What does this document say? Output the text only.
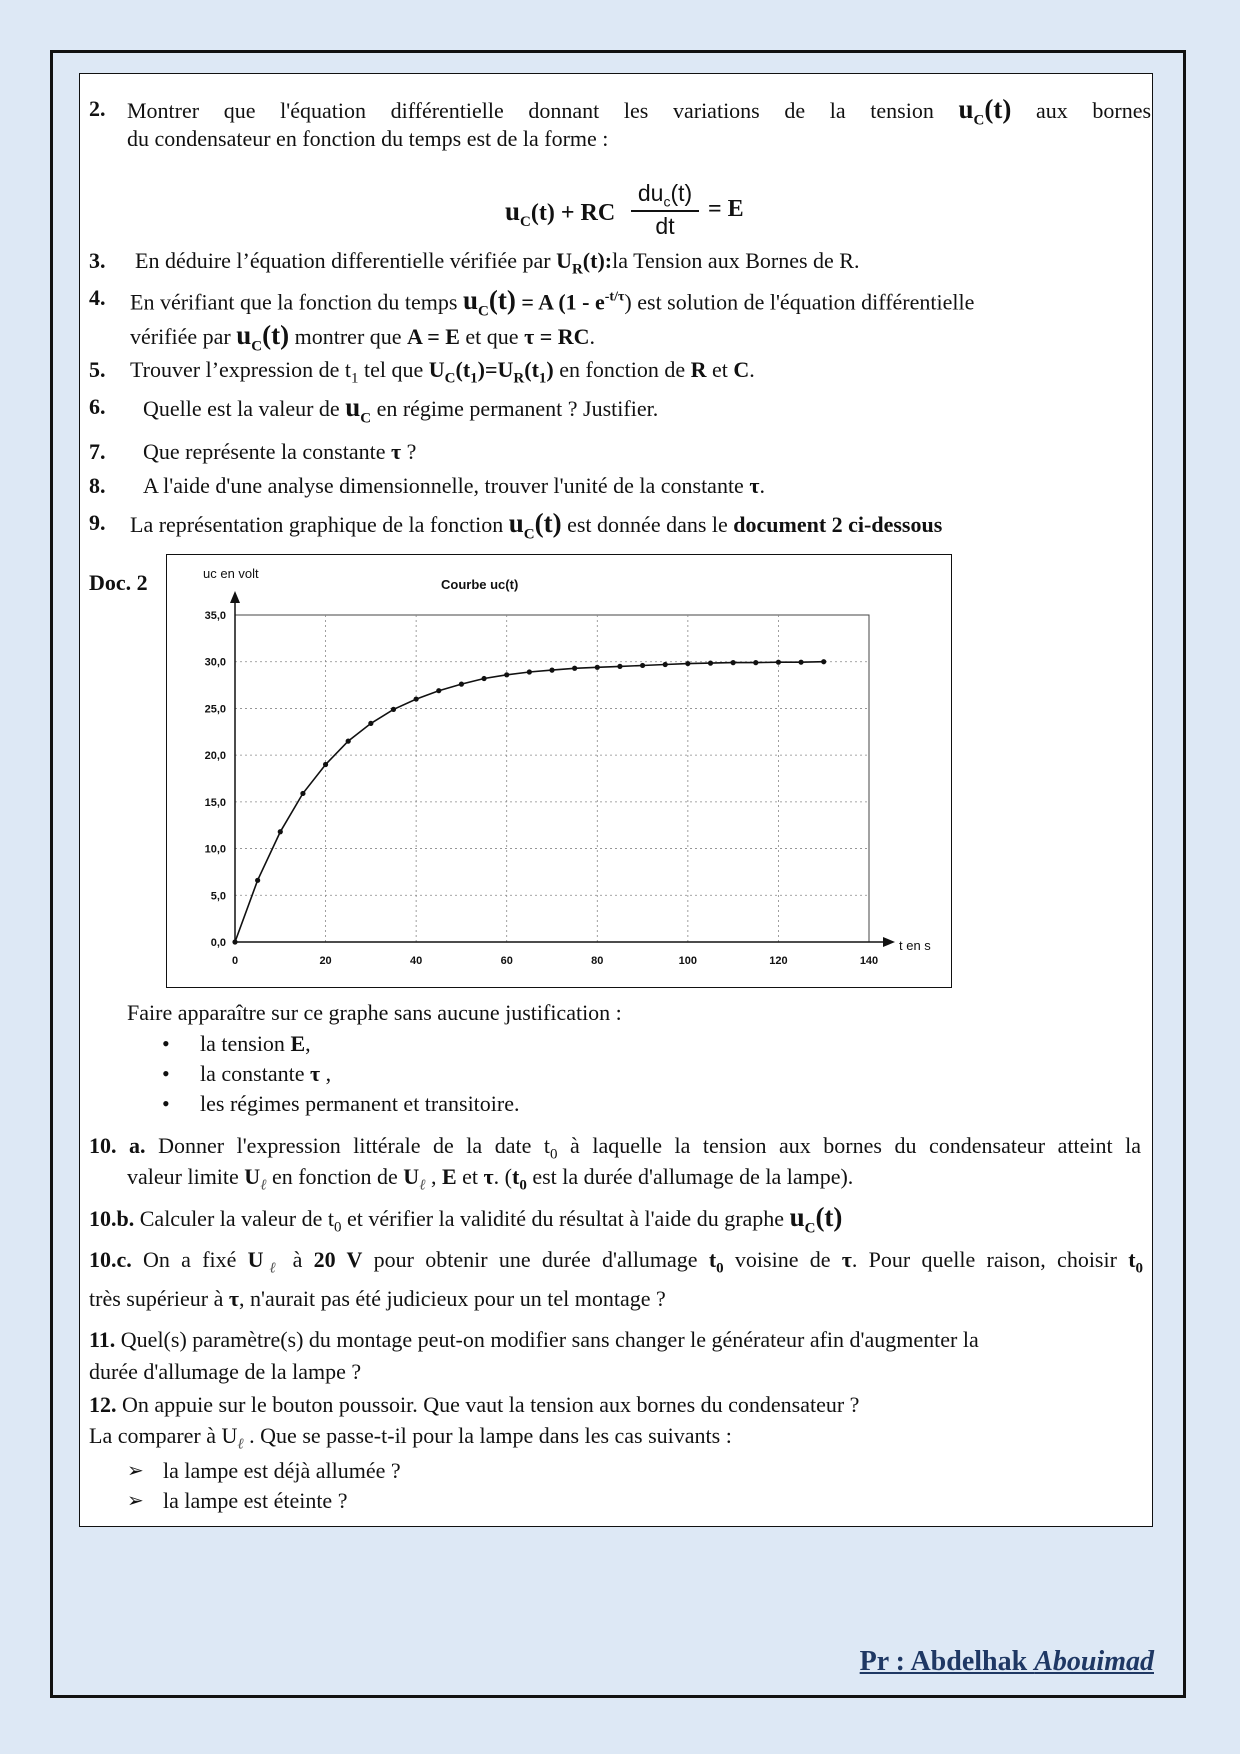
2. Montrer que l'équation différentielle donnant les variations de la tension $u_C(t)$ aux bornes
du condensateur en fonction du temps est de la forme :
$u_C(t)$ + RC
$du_c(t)$
dt
= E
3. En déduire l’équation differentielle vérifiée par $U_R(t):la$ Tension aux Bornes de R.
4. En vérifiant que la fonction du temps $u_C(t) = A$ $(1 - e^{-t/\tau})$ est solution de l'équation différentielle
vérifiée par $u_C(t)$ montrer que A = E et que τ = RC.
5. Trouver l’expression de $t_1$ tel que $U_C(t_1)=U_R(t_1)$ en fonction de R et C.
6. Quelle est la valeur de $u_C$ en régime permanent ? Justifier.
7. Que représente la constante τ ?
8. A l'aide d'une analyse dimensionnelle, trouver l'unité de la constante τ.
9. La représentation graphique de la fonction $u_C(t)$ est donnée dans le document 2 ci-dessous
Doc. 2
0	20	40	60	80	100	120	140
0,0
5,0
10,0
15,0
20,0
25,0
30,0
35,0
uc en volt
Courbe uc(t)
t en s
Faire apparaître sur ce graphe sans aucune justification :
• la tension E,
• la constante τ ,
• les régimes permanent et transitoire.
10. a. Donner l'expression littérale de la date $t_0$ à laquelle la tension aux bornes du condensateur atteint la
valeur limite $U_\ell$ en fonction de $U_\ell$ , E et τ. ($t_0$ est la durée d'allumage de la lampe).
10.b. Calculer la valeur de $t_0$ et vérifier la validité du résultat à l'aide du graphe $u_C(t)$
10.c. On a fixé $U_\ell$ à 20 V pour obtenir une durée d'allumage $t_0$ voisine de τ. Pour quelle raison, choisir $t_0$
très supérieur à τ, n'aurait pas été judicieux pour un tel montage ?
11. Quel(s) paramètre(s) du montage peut-on modifier sans changer le générateur afin d'augmenter la
durée d'allumage de la lampe ?
12. On appuie sur le bouton poussoir. Que vaut la tension aux bornes du condensateur ?
La comparer à $U_\ell$ . Que se passe-t-il pour la lampe dans les cas suivants :
➢ la lampe est déjà allumée ?
➢ la lampe est éteinte ?
Pr : Abdelhak Abouimad
